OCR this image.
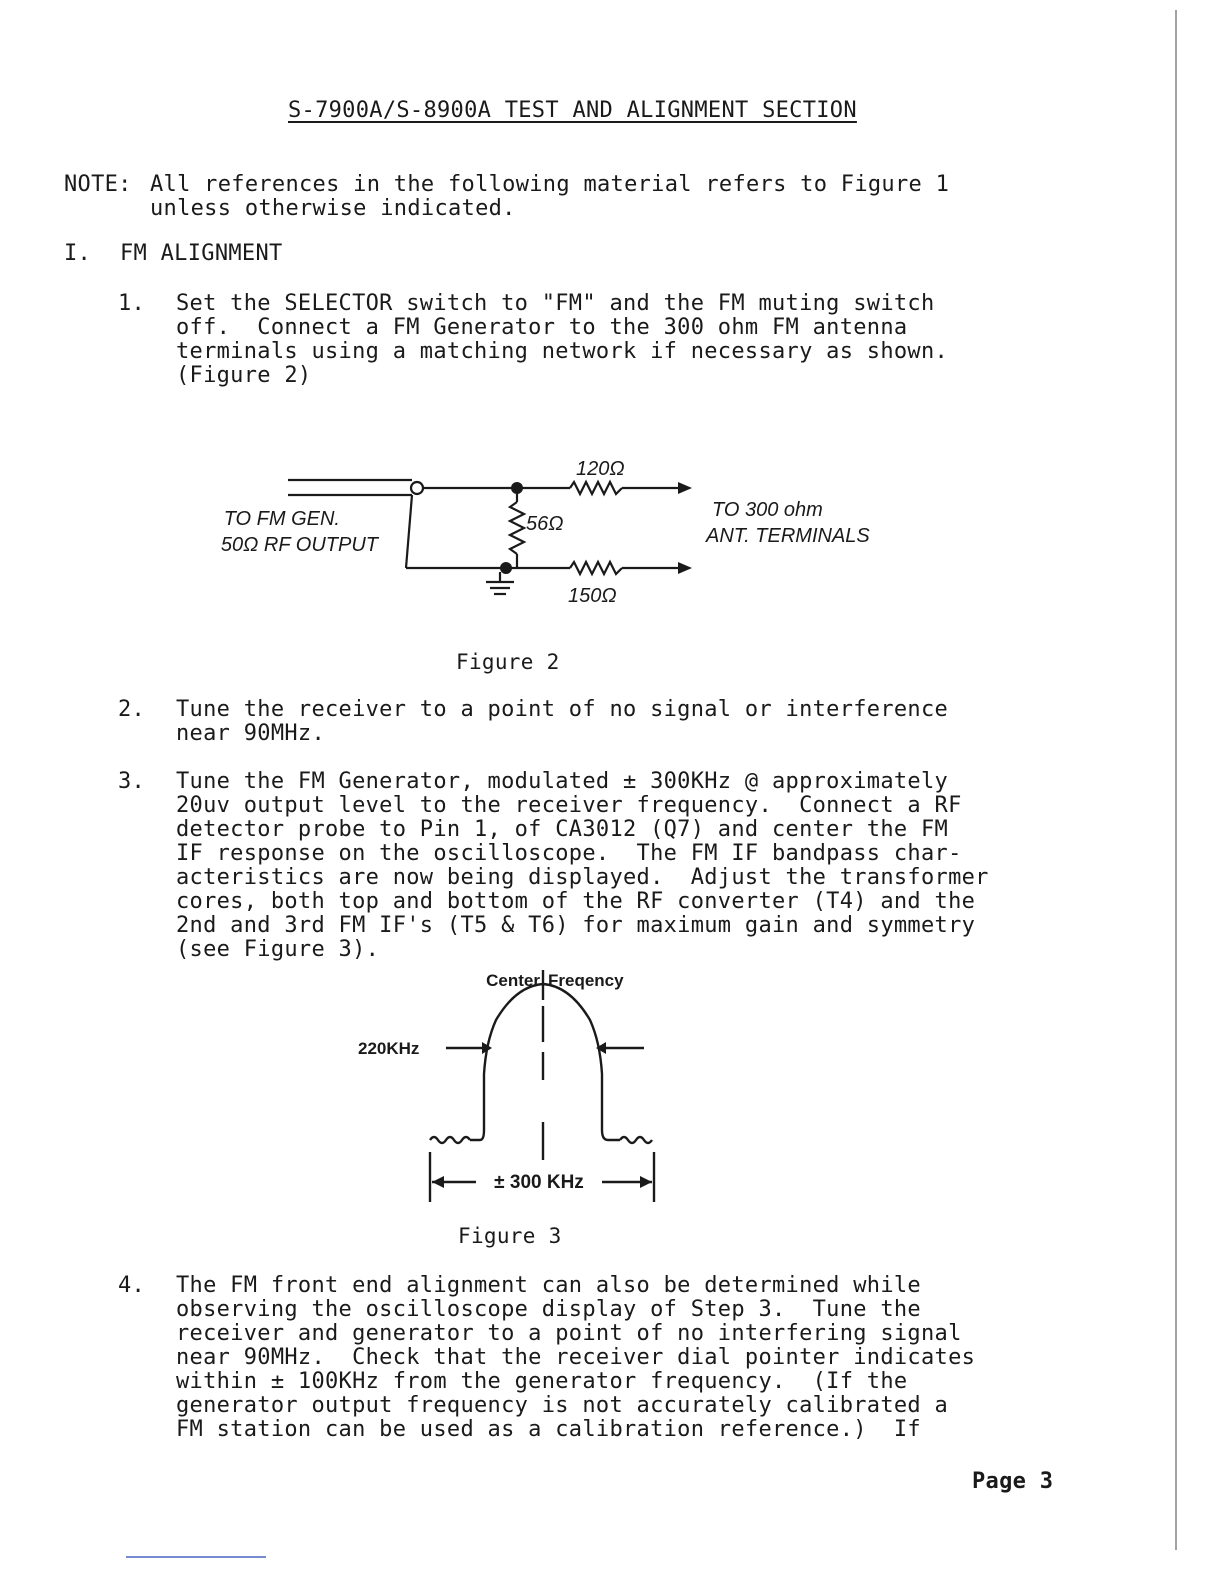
S-7900A/S-8900A TEST AND ALIGNMENT SECTION
NOTE: All references in the following material refers to Figure 1
unless otherwise indicated.
I. FM ALIGNMENT
1. Set the SELECTOR switch to "FM" and the FM muting switch
off.  Connect a FM Generator to the 300 ohm FM antenna
terminals using a matching network if necessary as shown.
(Figure 2)
TO FM GEN.
50Ω RF OUTPUT
120Ω
56Ω
150Ω
TO 300 ohm
ANT. TERMINALS
Figure 2
2. Tune the receiver to a point of no signal or interference
near 90MHz.
3. Tune the FM Generator, modulated ± 300KHz @ approximately
20uv output level to the receiver frequency.  Connect a RF
detector probe to Pin 1, of CA3012 (Q7) and center the FM
IF response on the oscilloscope.  The FM IF bandpass char-
acteristics are now being displayed.  Adjust the transformer
cores, both top and bottom of the RF converter (T4) and the
2nd and 3rd FM IF's (T5 & T6) for maximum gain and symmetry
(see Figure 3).
Center Freqency
220KHz
± 300 KHz
Figure 3
4. The FM front end alignment can also be determined while
observing the oscilloscope display of Step 3.  Tune the
receiver and generator to a point of no interfering signal
near 90MHz.  Check that the receiver dial pointer indicates
within ± 100KHz from the generator frequency.  (If the
generator output frequency is not accurately calibrated a
FM station can be used as a calibration reference.)  If
Page 3
